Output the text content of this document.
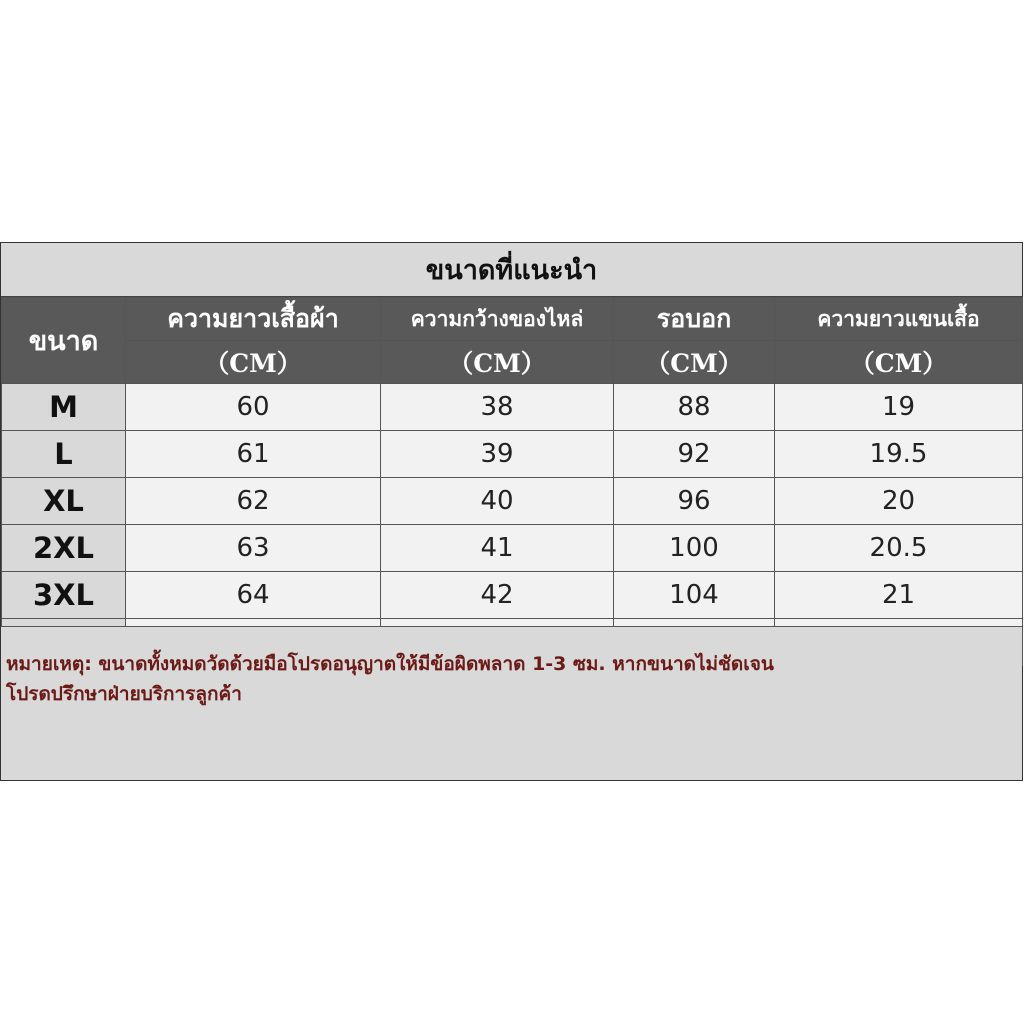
ขนาดที่แนะนำ
ขนาด	ความยาวเสื้อผ้า	ความกว้างของไหล่	รอบอก	ความยาวแขนเสื้อ
	（CM）	（CM）	（CM）	（CM）
M	60	38	88	19
L	61	39	92	19.5
XL	62	40	96	20
2XL	63	41	100	20.5
3XL	64	42	104	21

หมายเหตุ: ขนาดทั้งหมดวัดด้วยมือโปรดอนุญาตให้มีข้อผิดพลาด 1-3 ซม. หากขนาดไม่ชัดเจน
โปรดปรึกษาฝ่ายบริการลูกค้า
